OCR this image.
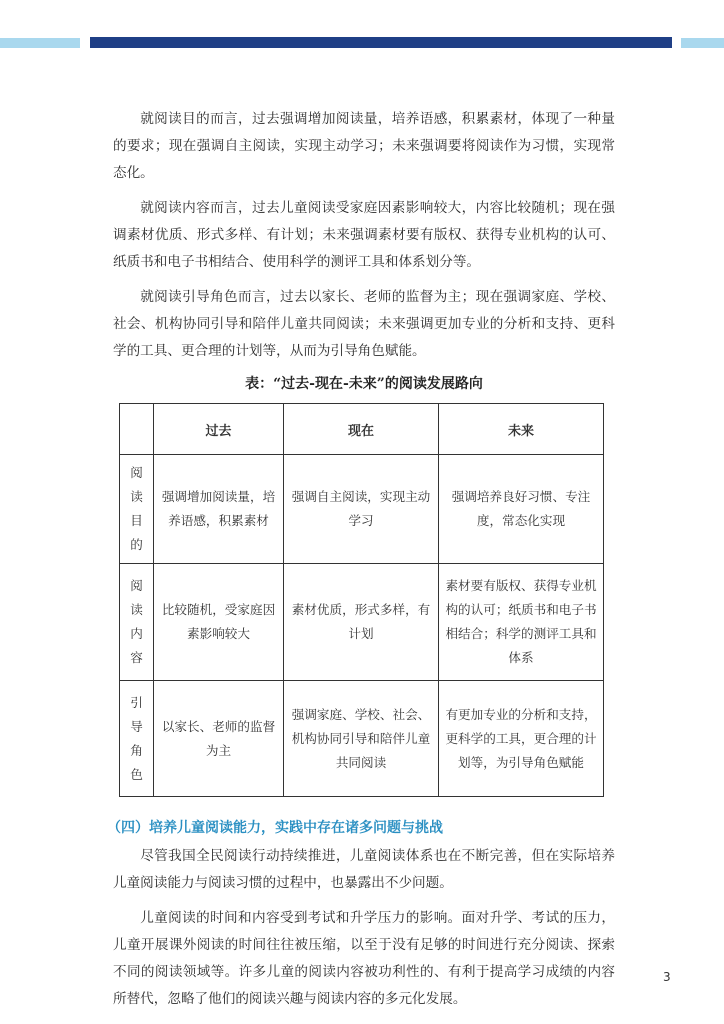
就阅读目的而言，过去强调增加阅读量，培养语感，积累素材，体现了一种量的要求；现在强调自主阅读，实现主动学习；未来强调要将阅读作为习惯，实现常态化。

就阅读内容而言，过去儿童阅读受家庭因素影响较大，内容比较随机；现在强调素材优质、形式多样、有计划；未来强调素材要有版权、获得专业机构的认可、纸质书和电子书相结合、使用科学的测评工具和体系划分等。

就阅读引导角色而言，过去以家长、老师的监督为主；现在强调家庭、学校、社会、机构协同引导和陪伴儿童共同阅读；未来强调更加专业的分析和支持、更科学的工具、更合理的计划等，从而为引导角色赋能。

表：“过去-现在-未来”的阅读发展路向
	过去	现在	未来
阅读目的	强调增加阅读量，培养语感，积累素材	强调自主阅读，实现主动学习	强调培养良好习惯、专注度，常态化实现
阅读内容	比较随机，受家庭因素影响较大	素材优质，形式多样，有计划	素材要有版权、获得专业机构的认可；纸质书和电子书相结合；科学的测评工具和体系
引导角色	以家长、老师的监督为主	强调家庭、学校、社会、机构协同引导和陪伴儿童共同阅读	有更加专业的分析和支持，更科学的工具，更合理的计划等，为引导角色赋能
（四）培养儿童阅读能力，实践中存在诸多问题与挑战

尽管我国全民阅读行动持续推进，儿童阅读体系也在不断完善，但在实际培养儿童阅读能力与阅读习惯的过程中，也暴露出不少问题。

儿童阅读的时间和内容受到考试和升学压力的影响。面对升学、考试的压力，儿童开展课外阅读的时间往往被压缩，以至于没有足够的时间进行充分阅读、探索不同的阅读领域等。许多儿童的阅读内容被功利性的、有利于提高学习成绩的内容所替代，忽略了他们的阅读兴趣与阅读内容的多元化发展。

3
